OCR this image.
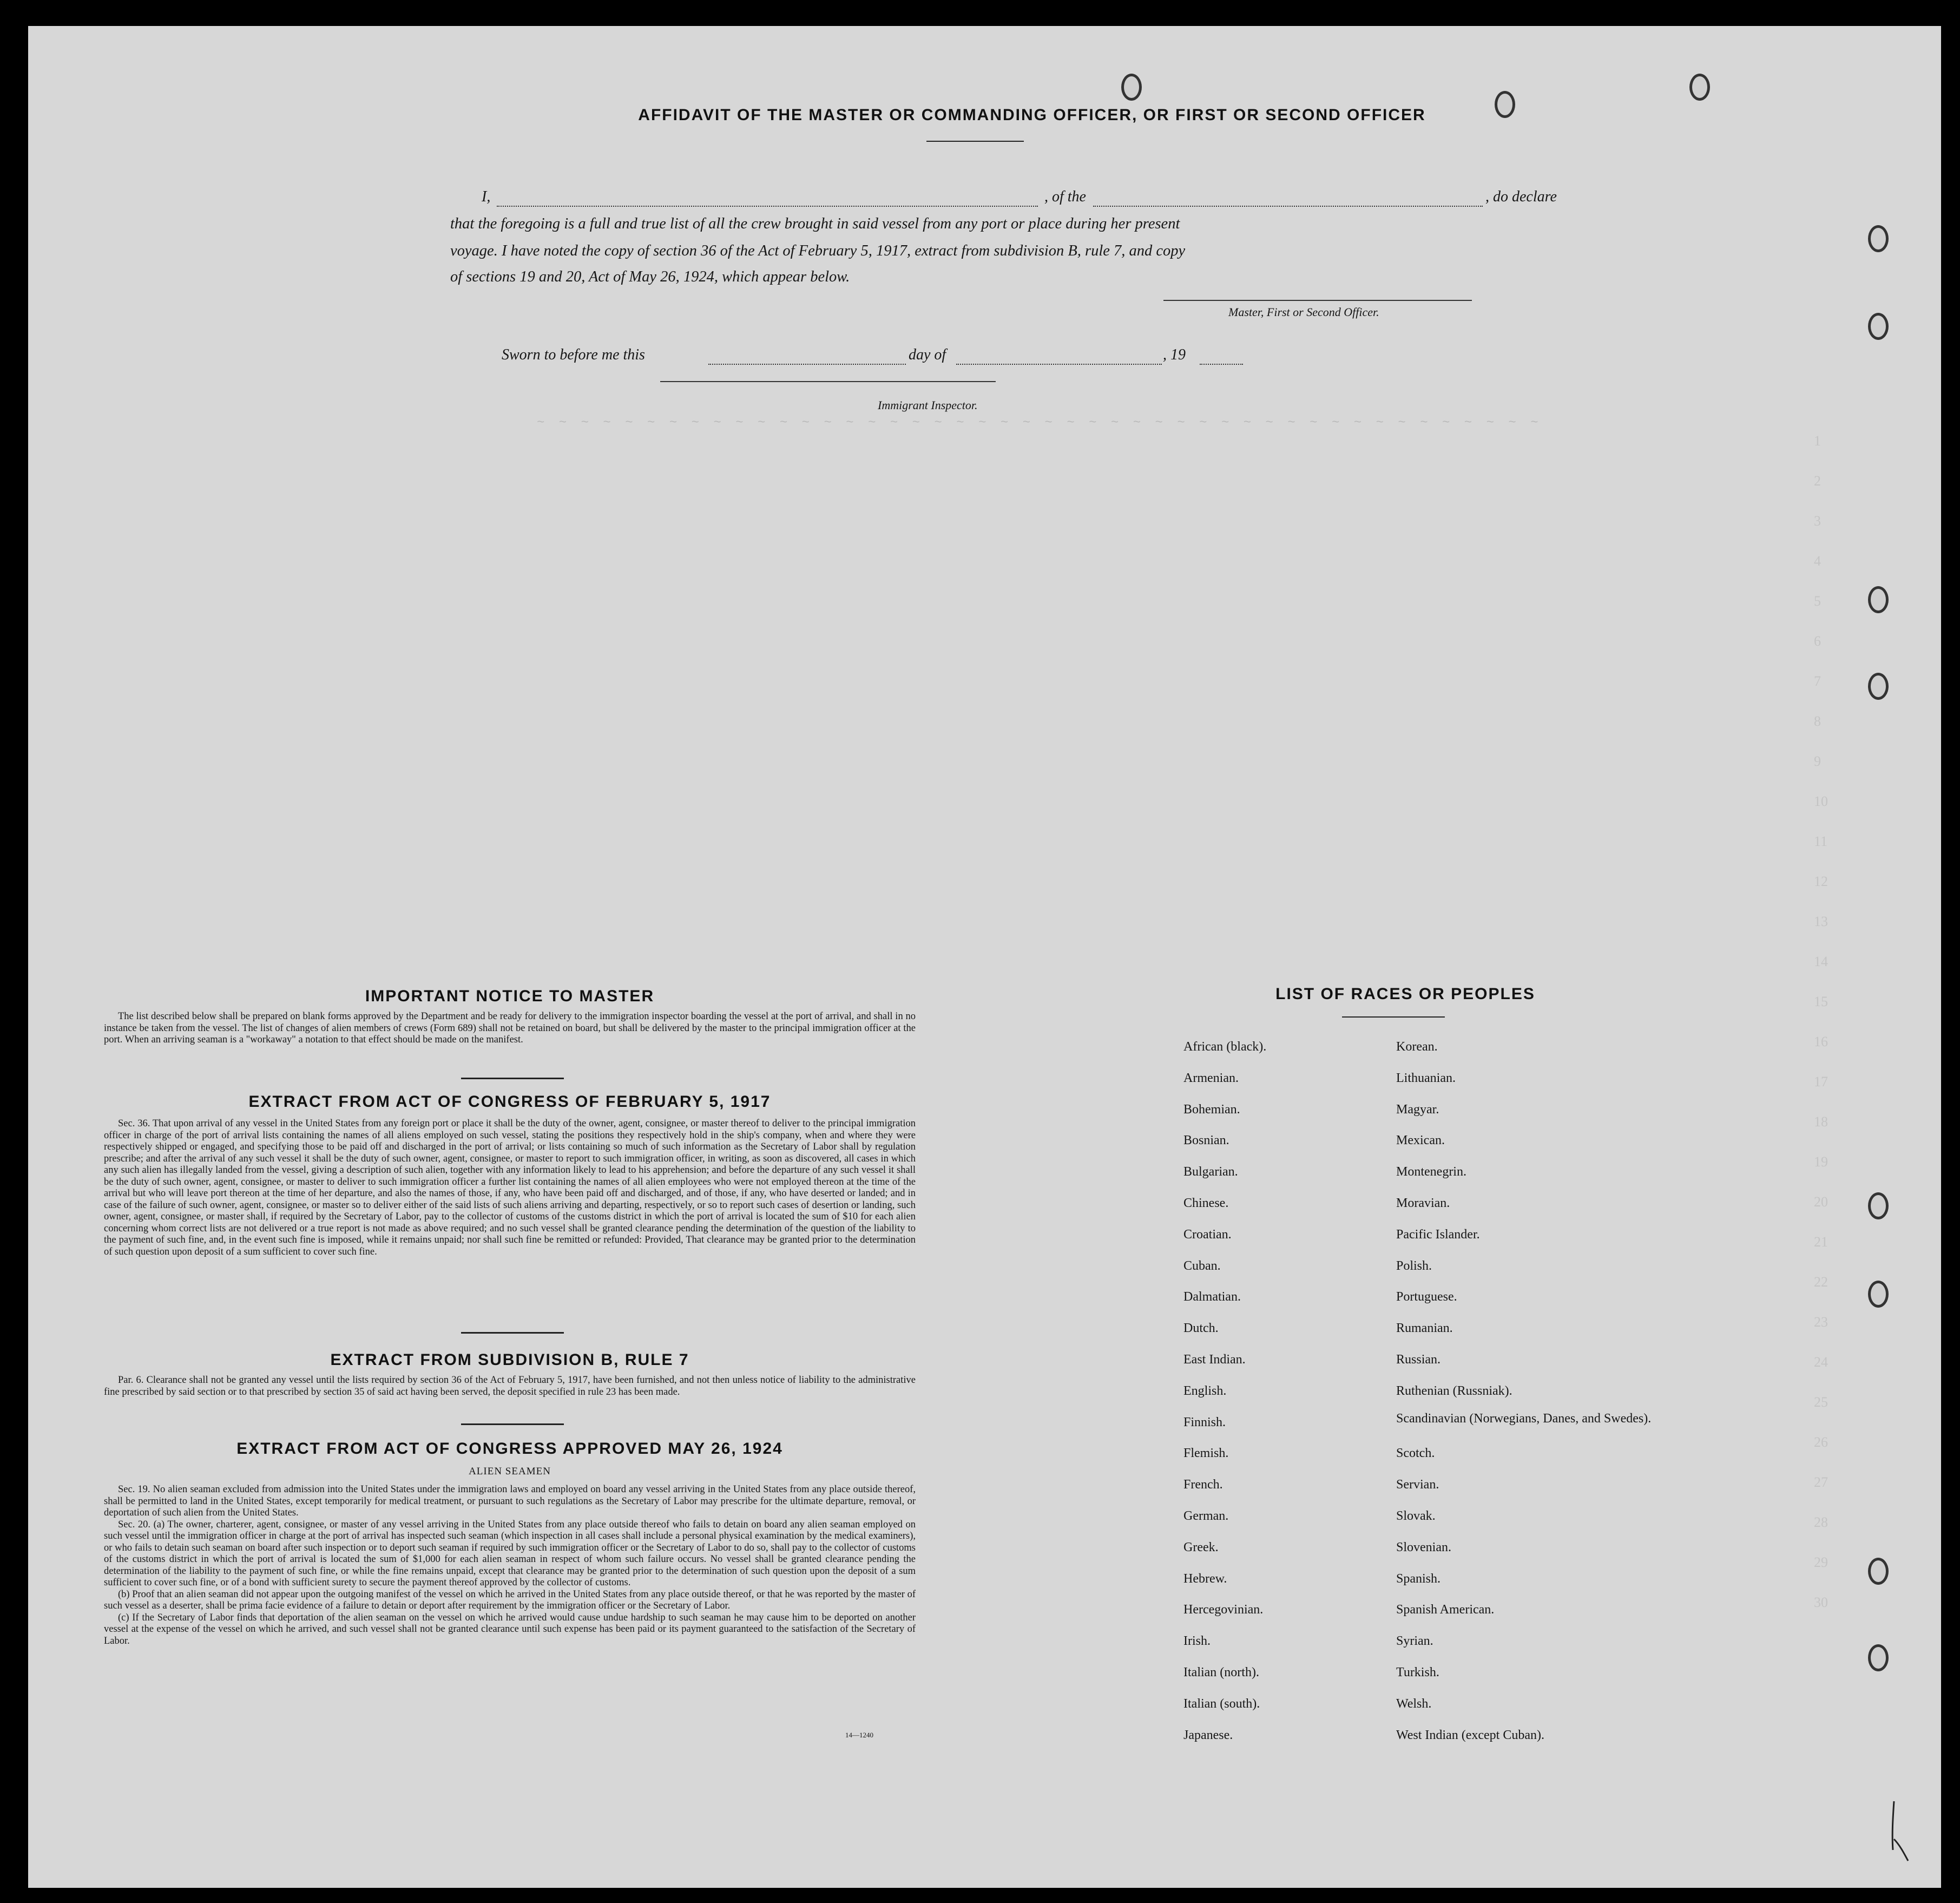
~ ~ ~ ~ ~ ~ ~ ~ ~ ~ ~ ~ ~ ~ ~ ~ ~ ~ ~ ~ ~ ~ ~ ~ ~ ~ ~ ~ ~ ~ ~ ~ ~ ~ ~ ~ ~ ~ ~ ~ ~ ~ ~ ~ ~ ~
1
2
3
4
5
6
7
8
9
10
11
12
13
14
15
16
17
18
19
20
21
22
23
24
25
26
27
28
29
30
AFFIDAVIT OF THE MASTER OR COMMANDING OFFICER, OR FIRST OR SECOND OFFICER
I,	, of the	, do declare
that the foregoing is a full and true list of all the crew brought in said vessel from any port or place during her present
voyage. I have noted the copy of section 36 of the Act of February 5, 1917, extract from subdivision B, rule 7, and copy
of sections 19 and 20, Act of May 26, 1924, which appear below.
Master, First or Second Officer.
Sworn to before me this	day of	, 19
Immigrant Inspector.
IMPORTANT NOTICE TO MASTER

The list described below shall be prepared on blank forms approved by the Department and be ready for delivery to the immigration inspector boarding the vessel at the port of arrival, and shall in no instance be taken from the vessel. The list of changes of alien members of crews (Form 689) shall not be retained on board, but shall be delivered by the master to the principal immigration officer at the port. When an arriving seaman is a "workaway" a notation to that effect should be made on the manifest.

EXTRACT FROM ACT OF CONGRESS OF FEBRUARY 5, 1917

Sec. 36. That upon arrival of any vessel in the United States from any foreign port or place it shall be the duty of the owner, agent, consignee, or master thereof to deliver to the principal immigration officer in charge of the port of arrival lists containing the names of all aliens employed on such vessel, stating the positions they respectively hold in the ship's company, when and where they were respectively shipped or engaged, and specifying those to be paid off and discharged in the port of arrival; or lists containing so much of such information as the Secretary of Labor shall by regulation prescribe; and after the arrival of any such vessel it shall be the duty of such owner, agent, consignee, or master to report to such immigration officer, in writing, as soon as discovered, all cases in which any such alien has illegally landed from the vessel, giving a description of such alien, together with any information likely to lead to his apprehension; and before the departure of any such vessel it shall be the duty of such owner, agent, consignee, or master to deliver to such immigration officer a further list containing the names of all alien employees who were not employed thereon at the time of the arrival but who will leave port thereon at the time of her departure, and also the names of those, if any, who have been paid off and discharged, and of those, if any, who have deserted or landed; and in case of the failure of such owner, agent, consignee, or master so to deliver either of the said lists of such aliens arriving and departing, respectively, or so to report such cases of desertion or landing, such owner, agent, consignee, or master shall, if required by the Secretary of Labor, pay to the collector of customs of the customs district in which the port of arrival is located the sum of $10 for each alien concerning whom correct lists are not delivered or a true report is not made as above required; and no such vessel shall be granted clearance pending the determination of the question of the liability to the payment of such fine, and, in the event such fine is imposed, while it remains unpaid; nor shall such fine be remitted or refunded: Provided, That clearance may be granted prior to the determination of such question upon deposit of a sum sufficient to cover such fine.

EXTRACT FROM SUBDIVISION B, RULE 7

Par. 6. Clearance shall not be granted any vessel until the lists required by section 36 of the Act of February 5, 1917, have been furnished, and not then unless notice of liability to the administrative fine prescribed by said section or to that prescribed by section 35 of said act having been served, the deposit specified in rule 23 has been made.

EXTRACT FROM ACT OF CONGRESS APPROVED MAY 26, 1924
ALIEN SEAMEN

Sec. 19. No alien seaman excluded from admission into the United States under the immigration laws and employed on board any vessel arriving in the United States from any place outside thereof, shall be permitted to land in the United States, except temporarily for medical treatment, or pursuant to such regulations as the Secretary of Labor may prescribe for the ultimate departure, removal, or deportation of such alien from the United States.

Sec. 20. (a) The owner, charterer, agent, consignee, or master of any vessel arriving in the United States from any place outside thereof who fails to detain on board any alien seaman employed on such vessel until the immigration officer in charge at the port of arrival has inspected such seaman (which inspection in all cases shall include a personal physical examination by the medical examiners), or who fails to detain such seaman on board after such inspection or to deport such seaman if required by such immigration officer or the Secretary of Labor to do so, shall pay to the collector of customs of the customs district in which the port of arrival is located the sum of $1,000 for each alien seaman in respect of whom such failure occurs. No vessel shall be granted clearance pending the determination of the liability to the payment of such fine, or while the fine remains unpaid, except that clearance may be granted prior to the determination of such question upon the deposit of a sum sufficient to cover such fine, or of a bond with sufficient surety to secure the payment thereof approved by the collector of customs.

(b) Proof that an alien seaman did not appear upon the outgoing manifest of the vessel on which he arrived in the United States from any place outside thereof, or that he was reported by the master of such vessel as a deserter, shall be prima facie evidence of a failure to detain or deport after requirement by the immigration officer or the Secretary of Labor.

(c) If the Secretary of Labor finds that deportation of the alien seaman on the vessel on which he arrived would cause undue hardship to such seaman he may cause him to be deported on another vessel at the expense of the vessel on which he arrived, and such vessel shall not be granted clearance until such expense has been paid or its payment guaranteed to the satisfaction of the Secretary of Labor.

14—1240
LIST OF RACES OR PEOPLES
African (black).
Armenian.
Bohemian.
Bosnian.
Bulgarian.
Chinese.
Croatian.
Cuban.
Dalmatian.
Dutch.
East Indian.
English.
Finnish.
Flemish.
French.
German.
Greek.
Hebrew.
Hercegovinian.
Irish.
Italian (north).
Italian (south).
Japanese.
Korean.
Lithuanian.
Magyar.
Mexican.
Montenegrin.
Moravian.
Pacific Islander.
Polish.
Portuguese.
Rumanian.
Russian.
Ruthenian (Russniak).
Scandinavian (Norwegians, Danes, and Swedes).
Scotch.
Servian.
Slovak.
Slovenian.
Spanish.
Spanish American.
Syrian.
Turkish.
Welsh.
West Indian (except Cuban).
